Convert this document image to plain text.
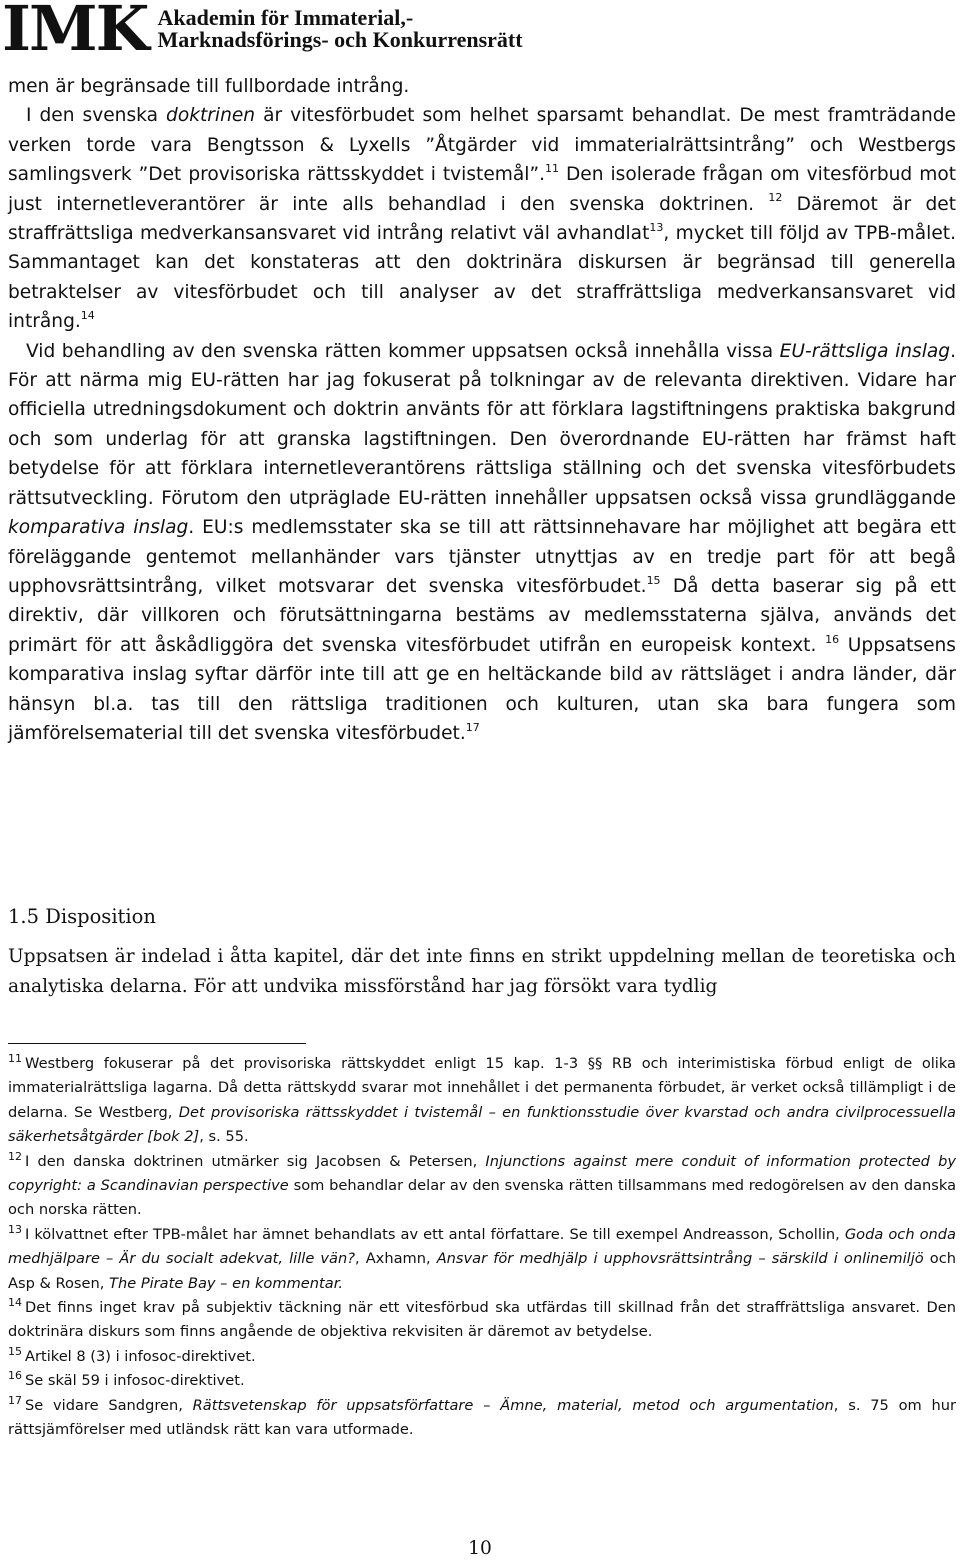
IMK Akademin för Immaterial,-
Marknadsförings- och Konkurrensrätt

men är begränsade till fullbordade intrång.

I den svenska doktrinen är vitesförbudet som helhet sparsamt behandlat. De mest framträdande verken torde vara Bengtsson & Lyxells ”Åtgärder vid immaterialrättsintrång” och Westbergs samlingsverk ”Det provisoriska rättsskyddet i tvistemål”.$^{11}$ Den isolerade frågan om vitesförbud mot just internetleverantörer är inte alls behandlad i den svenska doktrinen. $^{12}$ Däremot är det straffrättsliga medverkansansvaret vid intrång relativt väl avhandlat$^{13}$, mycket till följd av TPB-målet. Sammantaget kan det konstateras att den doktrinära diskursen är begränsad till generella betraktelser av vitesförbudet och till analyser av det straffrättsliga medverkansansvaret vid intrång.$^{14}$

Vid behandling av den svenska rätten kommer uppsatsen också innehålla vissa EU-rättsliga inslag. För att närma mig EU-rätten har jag fokuserat på tolkningar av de relevanta direktiven. Vidare har officiella utredningsdokument och doktrin använts för att förklara lagstiftningens praktiska bakgrund och som underlag för att granska lagstiftningen. Den överordnande EU-rätten har främst haft betydelse för att förklara internetleverantörens rättsliga ställning och det svenska vitesförbudets rättsutveckling. Förutom den utpräglade EU-rätten innehåller uppsatsen också vissa grundläggande komparativa inslag. EU:s medlemsstater ska se till att rättsinnehavare har möjlighet att begära ett föreläggande gentemot mellanhänder vars tjänster utnyttjas av en tredje part för att begå upphovsrättsintrång, vilket motsvarar det svenska vitesförbudet.$^{15}$ Då detta baserar sig på ett direktiv, där villkoren och förutsättningarna bestäms av medlemsstaterna själva, används det primärt för att åskådliggöra det svenska vitesförbudet utifrån en europeisk kontext. $^{16}$ Uppsatsens komparativa inslag syftar därför inte till att ge en heltäckande bild av rättsläget i andra länder, där hänsyn bl.a. tas till den rättsliga traditionen och kulturen, utan ska bara fungera som jämförelsematerial till det svenska vitesförbudet.$^{17}$

1.5 Disposition
Uppsatsen är indelad i åtta kapitel, där det inte finns en strikt uppdelning mellan de teoretiska och analytiska delarna. För att undvika missförstånd har jag försökt vara tydlig

$^{11}$ Westberg fokuserar på det provisoriska rättskyddet enligt 15 kap. 1-3 §§ RB och interimistiska förbud enligt de olika immaterialrättsliga lagarna. Då detta rättskydd svarar mot innehållet i det permanenta förbudet, är verket också tillämpligt i de delarna. Se Westberg, Det provisoriska rättsskyddet i tvistemål – en funktionsstudie över kvarstad och andra civilprocessuella säkerhetsåtgärder [bok 2], s. 55.

$^{12}$ I den danska doktrinen utmärker sig Jacobsen & Petersen, Injunctions against mere conduit of information protected by copyright: a Scandinavian perspective som behandlar delar av den svenska rätten tillsammans med redogörelsen av den danska och norska rätten.

$^{13}$ I kölvattnet efter TPB-målet har ämnet behandlats av ett antal författare. Se till exempel Andreasson, Schollin, Goda och onda medhjälpare – Är du socialt adekvat, lille vän?, Axhamn, Ansvar för medhjälp i upphovsrättsintrång – särskild i onlinemiljö och Asp & Rosen, The Pirate Bay – en kommentar.

$^{14}$ Det finns inget krav på subjektiv täckning när ett vitesförbud ska utfärdas till skillnad från det straffrättsliga ansvaret. Den doktrinära diskurs som finns angående de objektiva rekvisiten är däremot av betydelse.

$^{15}$ Artikel 8 (3) i infosoc-direktivet.

$^{16}$ Se skäl 59 i infosoc-direktivet.

$^{17}$ Se vidare Sandgren, Rättsvetenskap för uppsatsförfattare – Ämne, material, metod och argumentation, s. 75 om hur rättsjämförelser med utländsk rätt kan vara utformade.

10
